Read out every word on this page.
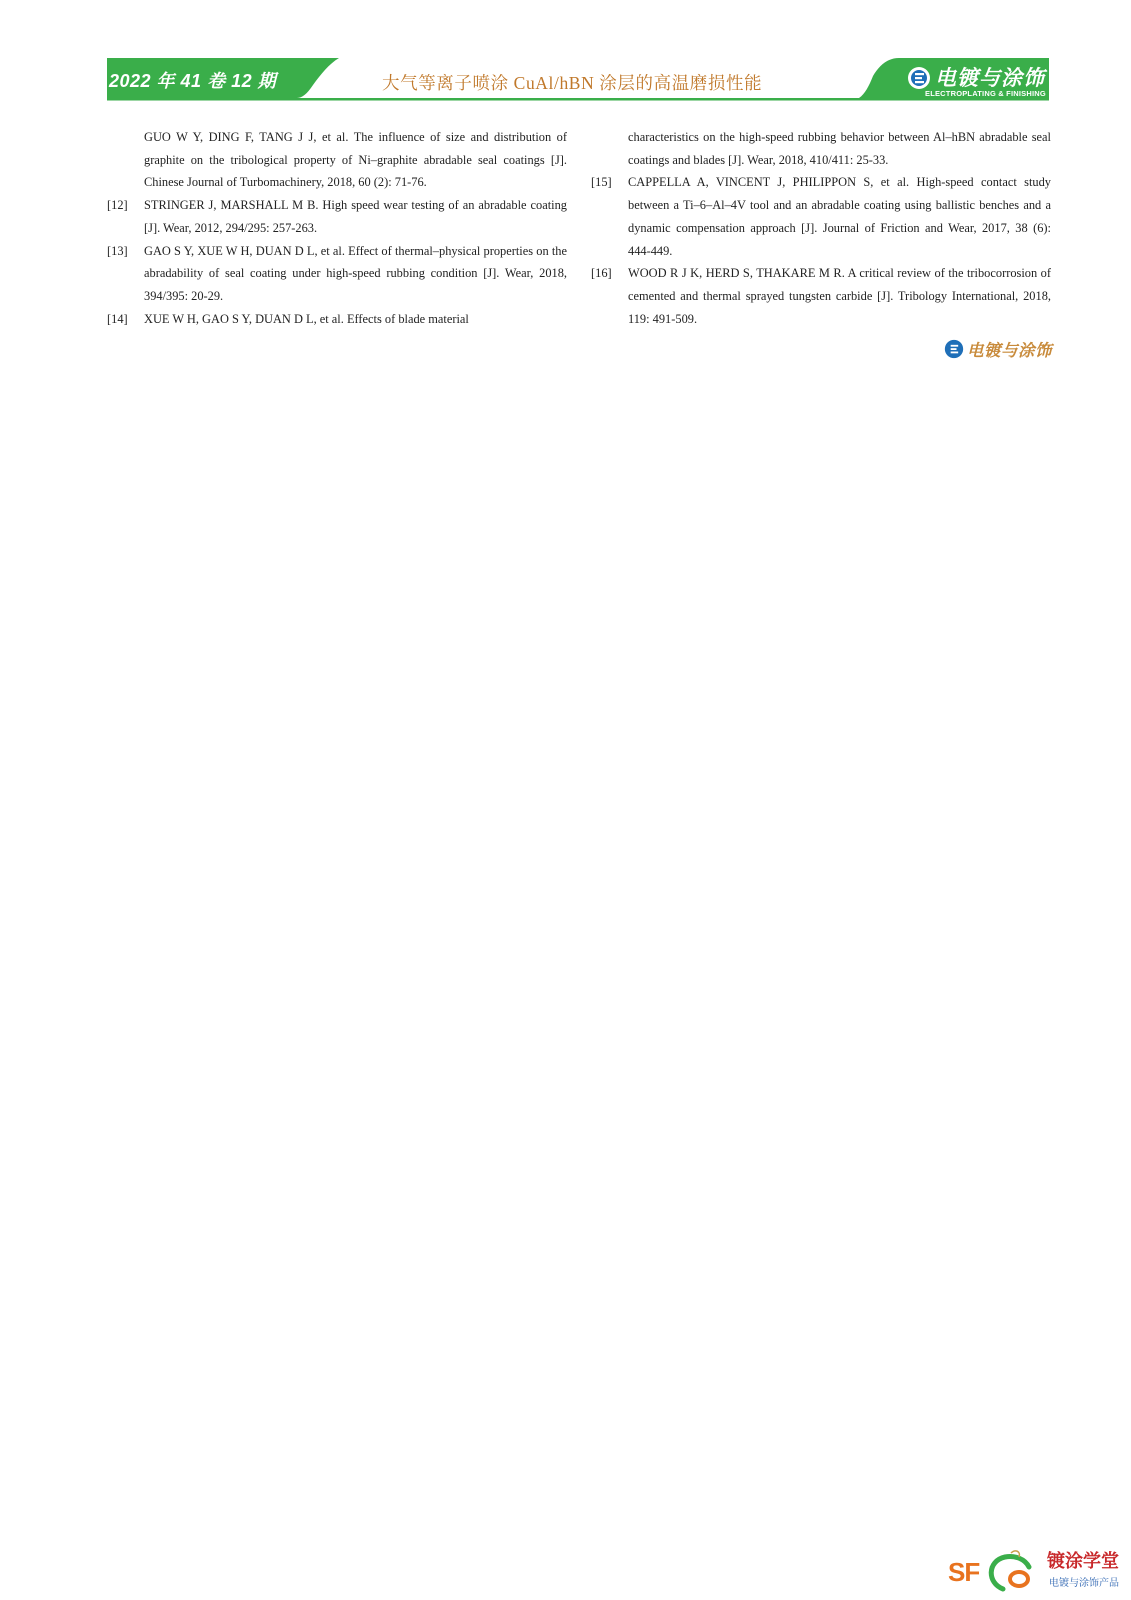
2022 年 41 卷 12 期	大气等离子喷涂 CuAl/hBN 涂层的高温磨损性能	电镀与涂饰
ELECTROPLATING & FINISHING
GUO W Y, DING F, TANG J J, et al. The influence of size and distribution of graphite on the tribological property of Ni–graphite abradable seal coatings [J]. Chinese Journal of Turbomachinery, 2018, 60 (2): 71-76.
[12] STRINGER J, MARSHALL M B. High speed wear testing of an abradable coating [J]. Wear, 2012, 294/295: 257-263.
[13] GAO S Y, XUE W H, DUAN D L, et al. Effect of thermal–physical properties on the abradability of seal coating under high-speed rubbing condition [J]. Wear, 2018, 394/395: 20-29.
[14] XUE W H, GAO S Y, DUAN D L, et al. Effects of blade material
characteristics on the high-speed rubbing behavior between Al–hBN abradable seal coatings and blades [J]. Wear, 2018, 410/411: 25-33.
[15] CAPPELLA A, VINCENT J, PHILIPPON S, et al. High-speed contact study between a Ti–6–Al–4V tool and an abradable coating using ballistic benches and a dynamic compensation approach [J]. Journal of Friction and Wear, 2017, 38 (6): 444-449.
[16] WOOD R J K, HERD S, THAKARE M R. A critical review of the tribocorrosion of cemented and thermal sprayed tungsten carbide [J]. Tribology International, 2018, 119: 491-509.
电镀与涂饰
SF	镀涂学堂
电镀与涂饰产品
